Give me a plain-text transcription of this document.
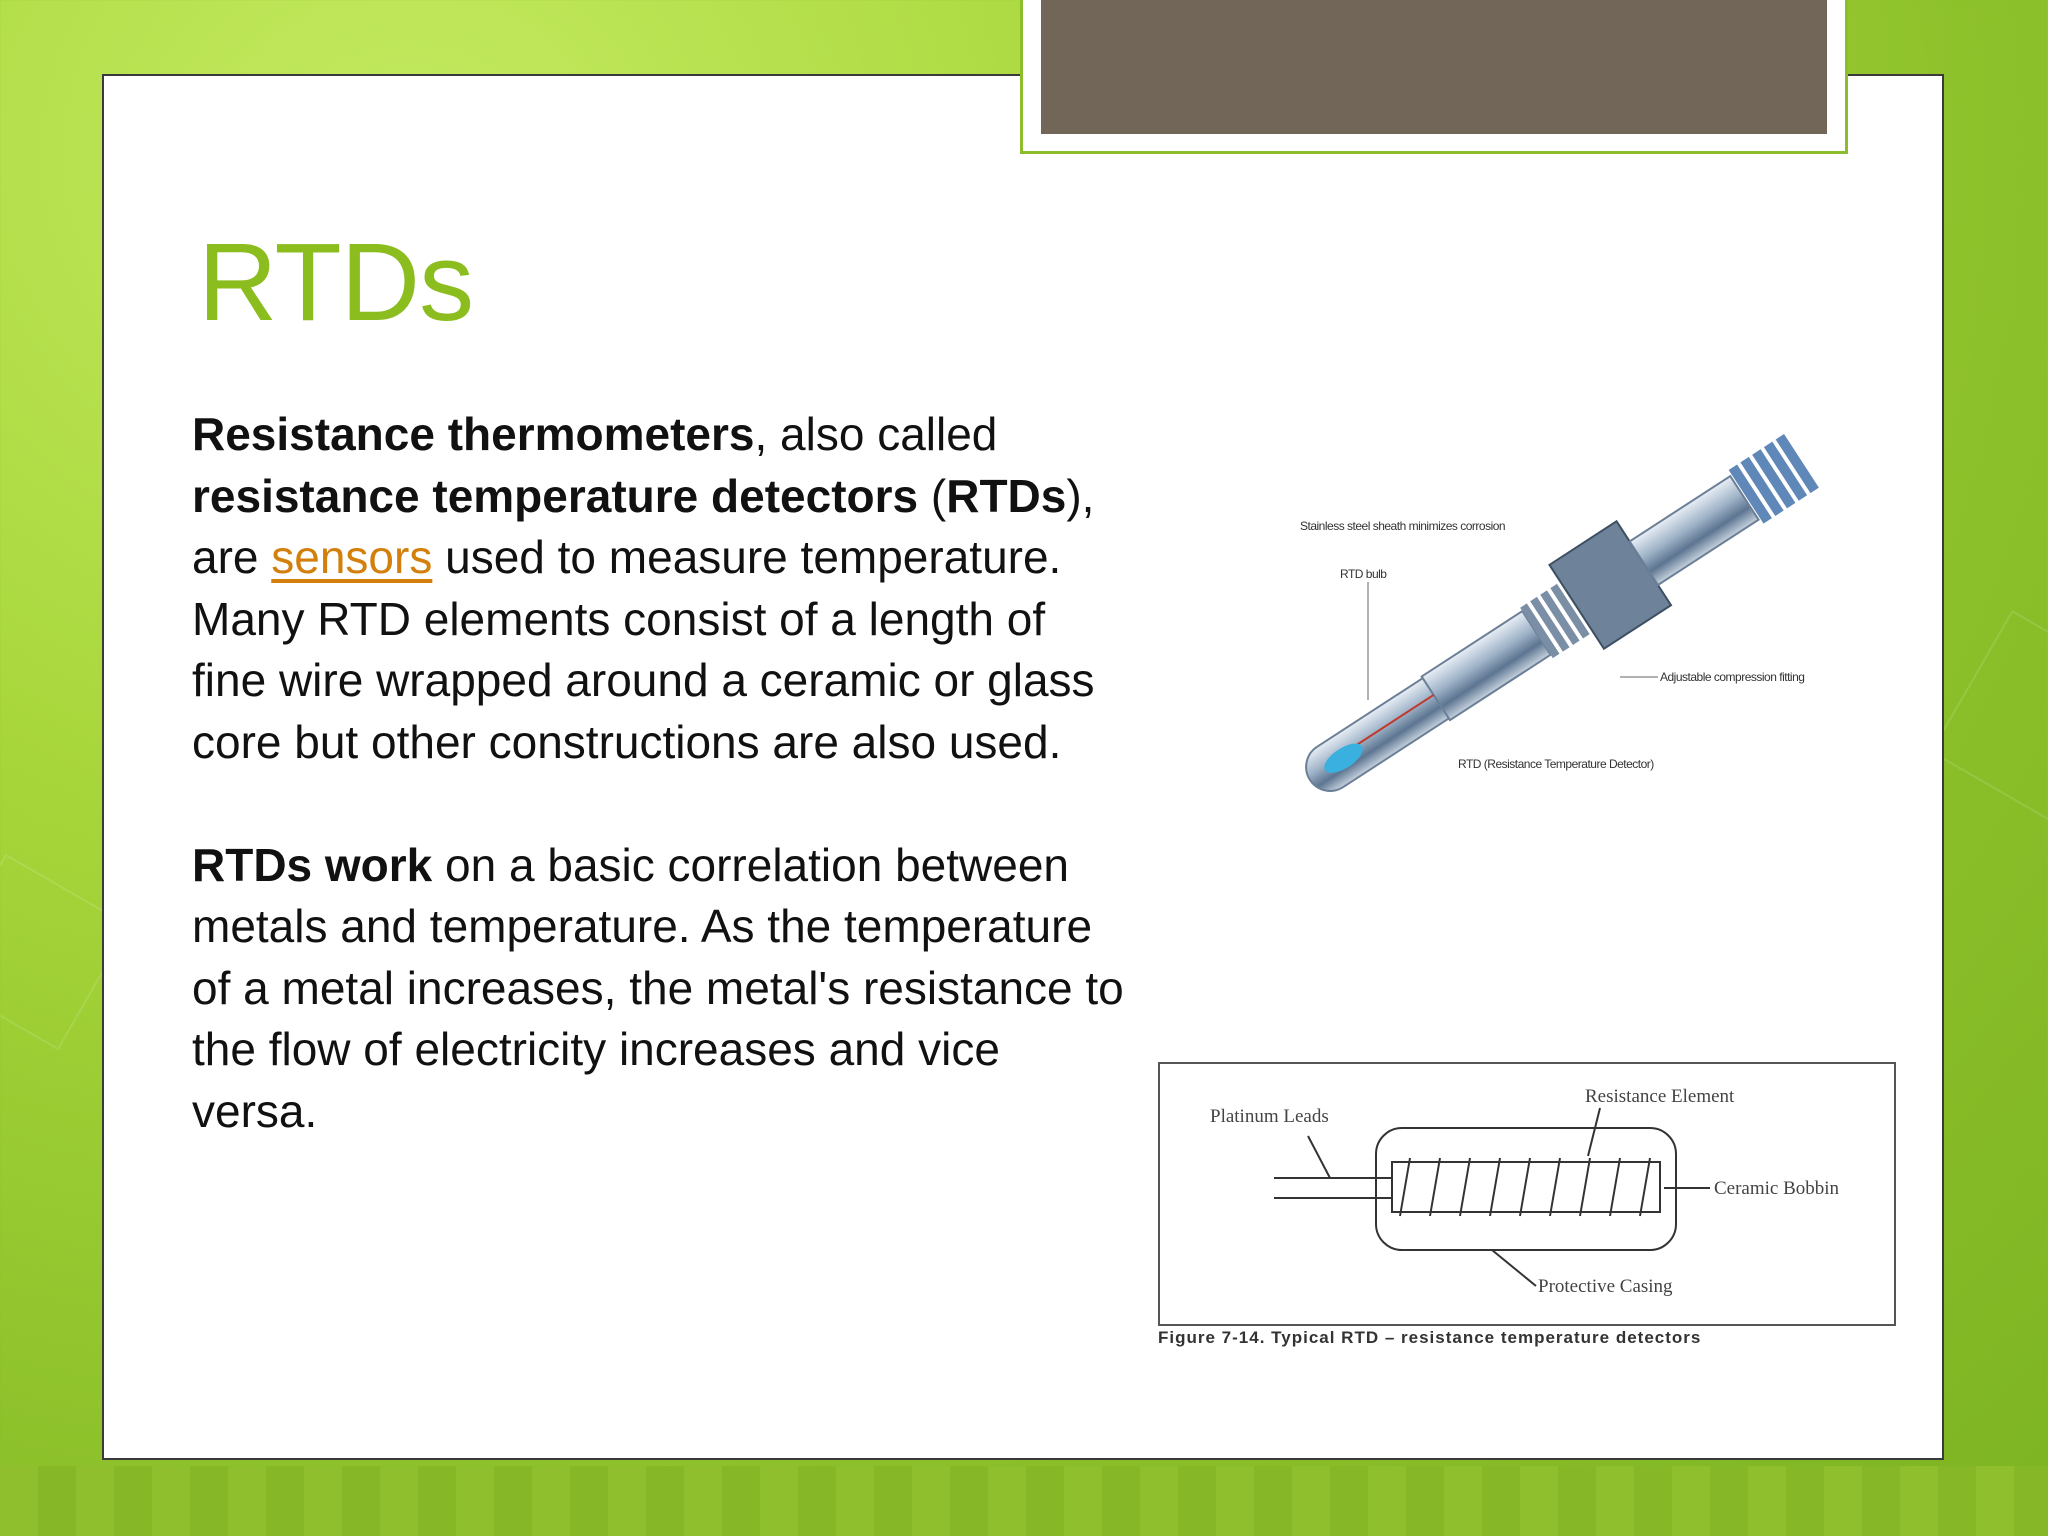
RTDs

Resistance thermometers, also called resistance temperature detectors (RTDs), are sensors used to measure temperature. Many RTD elements consist of a length of fine wire wrapped around a ceramic or glass core but other constructions are also used.

RTDs work on a basic correlation between metals and temperature. As the temperature of a metal increases, the metal's resistance to the flow of electricity increases and vice versa.

Stainless steel sheath minimizes corrosion
RTD bulb
Adjustable compression fitting
RTD (Resistance Temperature Detector)
Platinum Leads
Resistance Element
Ceramic Bobbin
Protective Casing
Figure 7-14. Typical RTD – resistance temperature detectors
